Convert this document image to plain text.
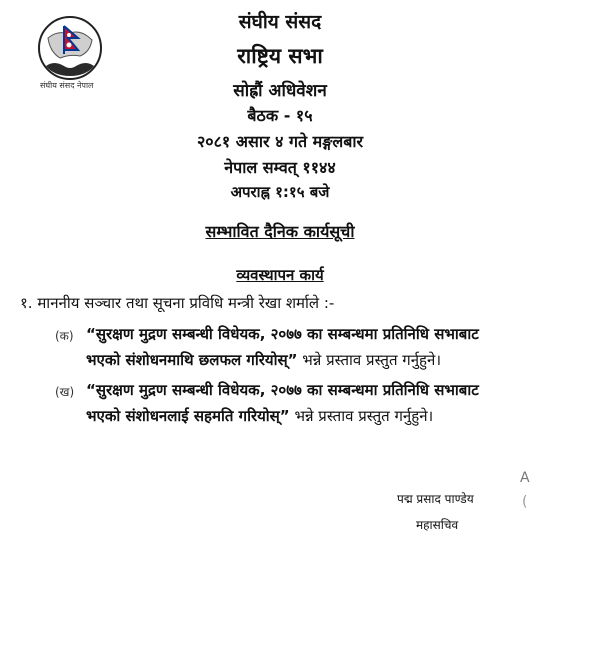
संघीय संसद नेपाल
संघीय संसद
राष्ट्रिय सभा
सोह्रौं अधिवेशन
बैठक - १५
२०८१ असार ४ गते मङ्गलबार
नेपाल सम्वत् ११४४
अपराह्न १:१५ बजे
सम्भावित दैनिक कार्यसूची
व्यवस्थापन कार्य
१. माननीय सञ्चार तथा सूचना प्रविधि मन्त्री रेखा शर्माले :-
(क) “सुरक्षण मुद्रण सम्बन्धी विधेयक, २०७७ का सम्बन्धमा प्रतिनिधि सभाबाट
भएको संशोधनमाथि छलफल गरियोस्” भन्ने प्रस्ताव प्रस्तुत गर्नुहुने।
(ख) “सुरक्षण मुद्रण सम्बन्धी विधेयक, २०७७ का सम्बन्धमा प्रतिनिधि सभाबाट
भएको संशोधनलाई सहमति गरियोस्” भन्ने प्रस्ताव प्रस्तुत गर्नुहुने।
A
(
पद्म प्रसाद पाण्डेय
महासचिव
